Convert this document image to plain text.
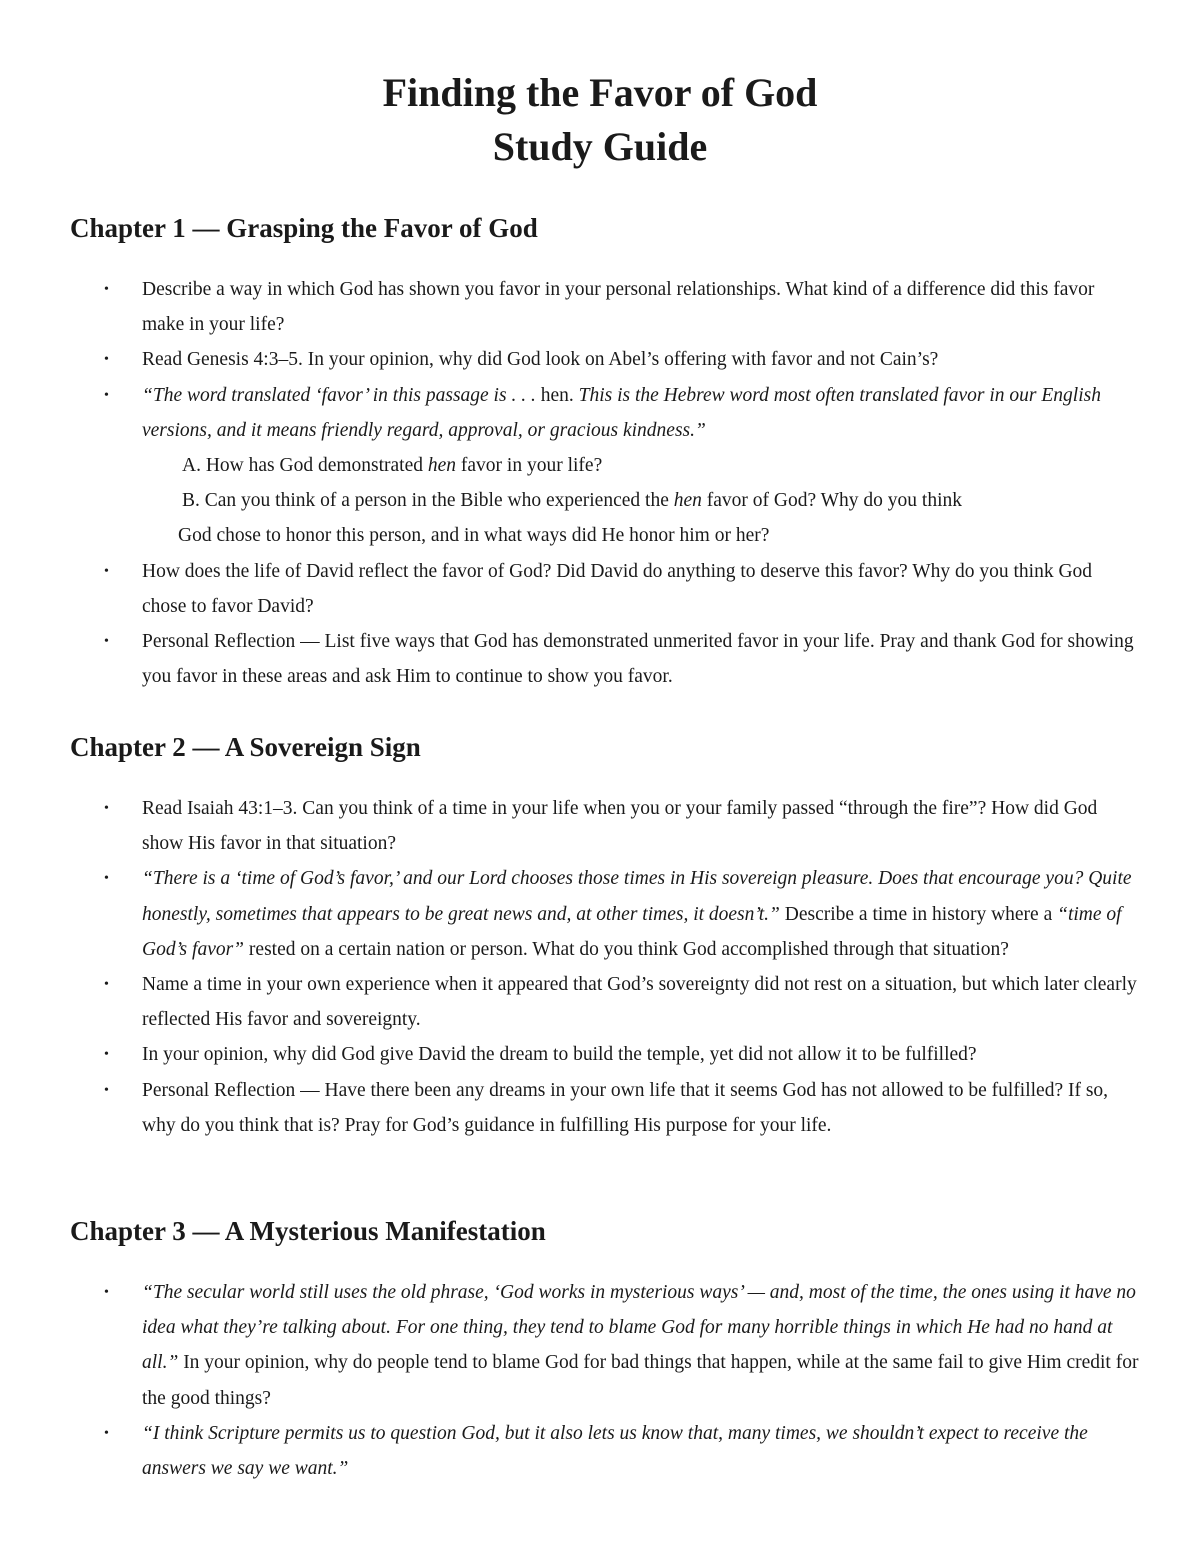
Finding the Favor of God
Study Guide
Chapter 1 — Grasping the Favor of God
• Describe a way in which God has shown you favor in your personal relationships. What kind of a difference did this favor make in your life?
• Read Genesis 4:3–5. In your opinion, why did God look on Abel’s offering with favor and not Cain’s?
• “The word translated ‘favor’ in this passage is . . . hen. This is the Hebrew word most often translated favor in our English versions, and it means friendly regard, approval, or gracious kindness.”
A. How has God demonstrated hen favor in your life?
B. Can you think of a person in the Bible who experienced the hen favor of God? Why do you think
God chose to honor this person, and in what ways did He honor him or her?
• How does the life of David reflect the favor of God? Did David do anything to deserve this favor? Why do you think God chose to favor David?
• Personal Reflection — List five ways that God has demonstrated unmerited favor in your life. Pray and thank God for showing you favor in these areas and ask Him to continue to show you favor.
Chapter 2 — A Sovereign Sign
• Read Isaiah 43:1–3. Can you think of a time in your life when you or your family passed “through the fire”? How did God show His favor in that situation?
• “There is a ‘time of God’s favor,’ and our Lord chooses those times in His sovereign pleasure. Does that encourage you? Quite honestly, sometimes that appears to be great news and, at other times, it doesn’t.” Describe a time in history where a “time of God’s favor” rested on a certain nation or person. What do you think God accomplished through that situation?
• Name a time in your own experience when it appeared that God’s sovereignty did not rest on a situation, but which later clearly reflected His favor and sovereignty.
• In your opinion, why did God give David the dream to build the temple, yet did not allow it to be fulfilled?
• Personal Reflection — Have there been any dreams in your own life that it seems God has not allowed to be fulfilled? If so, why do you think that is? Pray for God’s guidance in fulfilling His purpose for your life.
Chapter 3 — A Mysterious Manifestation
• “The secular world still uses the old phrase, ‘God works in mysterious ways’ — and, most of the time, the ones using it have no idea what they’re talking about. For one thing, they tend to blame God for many horrible things in which He had no hand at all.” In your opinion, why do people tend to blame God for bad things that happen, while at the same fail to give Him credit for the good things?
• “I think Scripture permits us to question God, but it also lets us know that, many times, we shouldn’t expect to receive the answers we say we want.”
